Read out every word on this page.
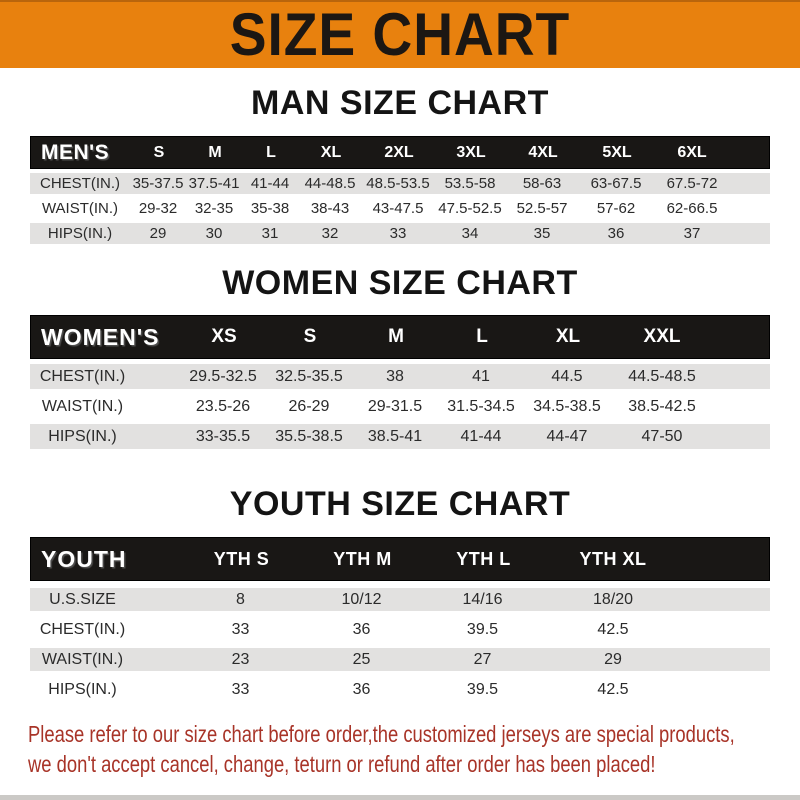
SIZE CHART
MAN SIZE CHART
MEN'S	S	M	L	XL	2XL	3XL	4XL	5XL	6XL
CHEST(IN.) 35-37.5 37.5-41 41-44	44-48.5 48.5-53.5 53.5-58	58-63	63-67.5	67.5-72
WAIST(IN.)	29-32	32-35	35-38	38-43	43-47.5 47.5-52.5 52.5-57	57-62	62-66.5
HIPS(IN.)	29	30	31	32	33	34	35	36	37
WOMEN SIZE CHART
WOMEN'S	XS	S	M	L	XL	XXL
CHEST(IN.)	29.5-32.5	32.5-35.5	38	41	44.5	44.5-48.5
WAIST(IN.)	23.5-26	26-29	29-31.5	31.5-34.5	34.5-38.5	38.5-42.5
HIPS(IN.)	33-35.5	35.5-38.5	38.5-41	41-44	44-47	47-50
YOUTH SIZE CHART
YOUTH	YTH S	YTH M	YTH L	YTH XL
U.S.SIZE	8	10/12	14/16	18/20
CHEST(IN.)	33	36	39.5	42.5
WAIST(IN.)	23	25	27	29
HIPS(IN.)	33	36	39.5	42.5
Please refer to our size chart before order,the customized jerseys are special products,
we don't accept cancel, change, teturn or refund after order has been placed!
